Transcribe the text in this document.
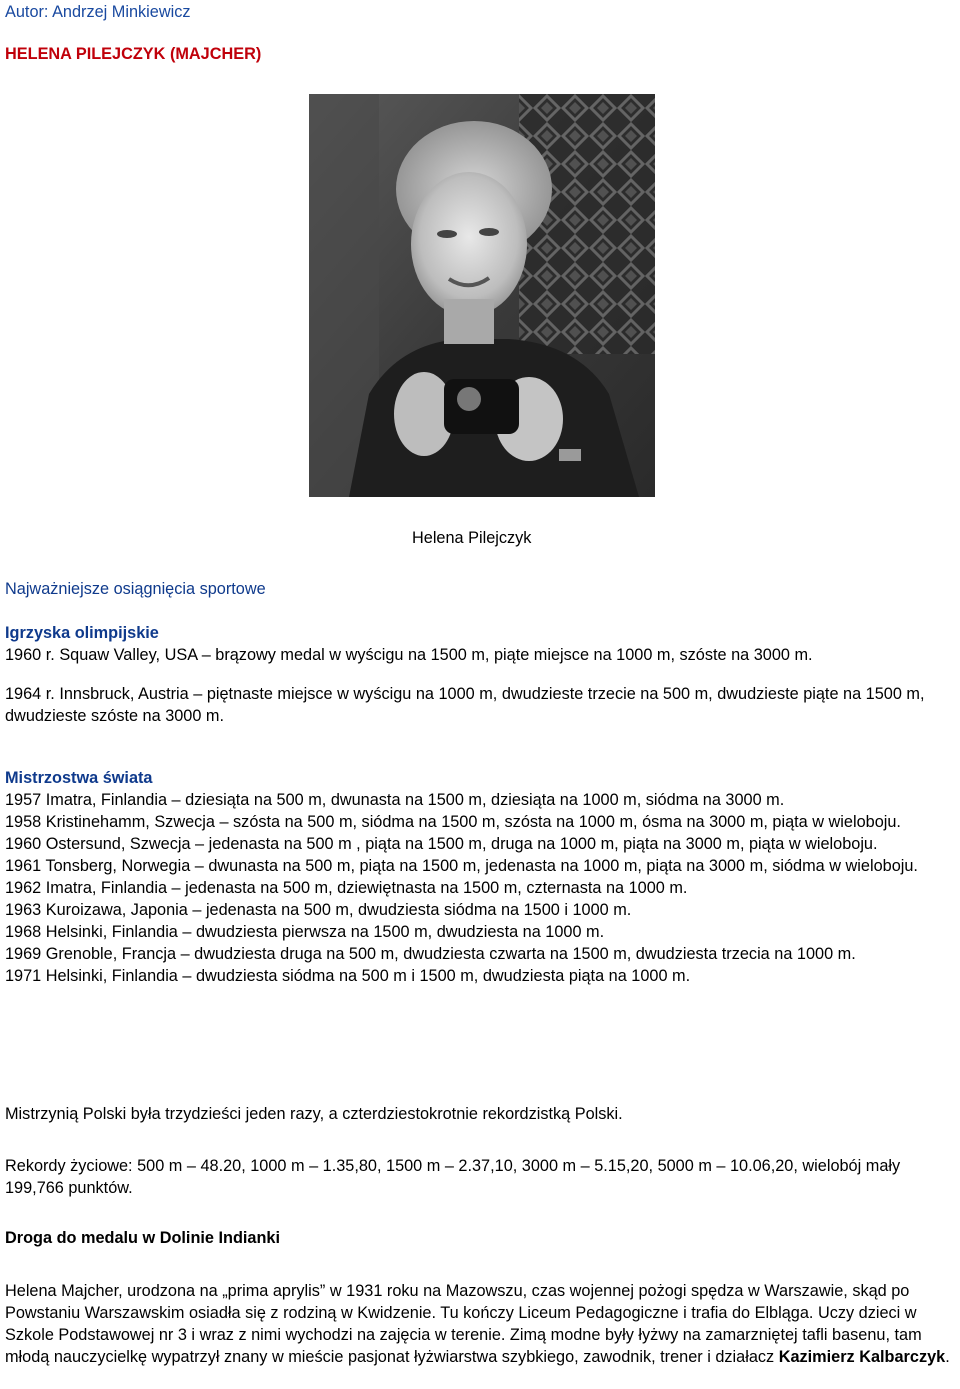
Autor: Andrzej Minkiewicz
HELENA PILEJCZYK (MAJCHER)
Helena Pilejczyk
Najważniejsze osiągnięcia sportowe
Igrzyska olimpijskie
1960 r. Squaw Valley, USA – brązowy medal w wyścigu na 1500 m, piąte miejsce na 1000 m, szóste na 3000 m.
1964 r. Innsbruck, Austria – piętnaste miejsce w wyścigu na 1000 m, dwudzieste trzecie na 500 m, dwudzieste piąte na 1500 m, dwudzieste szóste na 3000 m.
Mistrzostwa świata
1957 Imatra, Finlandia – dziesiąta na 500 m, dwunasta na 1500 m, dziesiąta na 1000 m, siódma na 3000 m.
1958 Kristinehamm, Szwecja – szósta na 500 m, siódma na 1500 m, szósta na 1000 m, ósma na 3000 m, piąta w wieloboju.
1960 Ostersund, Szwecja – jedenasta na 500 m , piąta na 1500 m, druga na 1000 m, piąta na 3000 m, piąta w wieloboju.
1961 Tonsberg, Norwegia – dwunasta na 500 m, piąta na 1500 m, jedenasta na 1000 m, piąta na 3000 m, siódma w wieloboju.
1962 Imatra, Finlandia – jedenasta na 500 m, dziewiętnasta na 1500 m, czternasta na 1000 m.
1963 Kuroizawa, Japonia – jedenasta na 500 m, dwudziesta siódma na 1500 i 1000 m.
1968 Helsinki, Finlandia – dwudziesta pierwsza na 1500 m, dwudziesta na 1000 m.
1969 Grenoble, Francja – dwudziesta druga na 500 m, dwudziesta czwarta na 1500 m, dwudziesta trzecia na 1000 m.
1971 Helsinki, Finlandia – dwudziesta siódma na 500 m i 1500 m, dwudziesta piąta na 1000 m.
Mistrzynią Polski była trzydzieści jeden razy, a czterdziestokrotnie rekordzistką Polski.
Rekordy życiowe: 500 m – 48.20, 1000 m – 1.35,80, 1500 m – 2.37,10, 3000 m – 5.15,20, 5000 m – 10.06,20, wielobój mały 199,766 punktów.
Droga do medalu w Dolinie Indianki
Helena Majcher, urodzona na „prima aprylis” w 1931 roku na Mazowszu, czas wojennej pożogi spędza w Warszawie, skąd po Powstaniu Warszawskim osiadła się z rodziną w Kwidzenie. Tu kończy Liceum Pedagogiczne i trafia do Elbląga. Uczy dzieci w Szkole Podstawowej nr 3 i wraz z nimi wychodzi na zajęcia w terenie. Zimą modne były łyżwy na zamarzniętej tafli basenu, tam młodą nauczycielkę wypatrzył znany w mieście pasjonat łyżwiarstwa szybkiego, zawodnik, trener i działacz Kazimierz Kalbarczyk.
